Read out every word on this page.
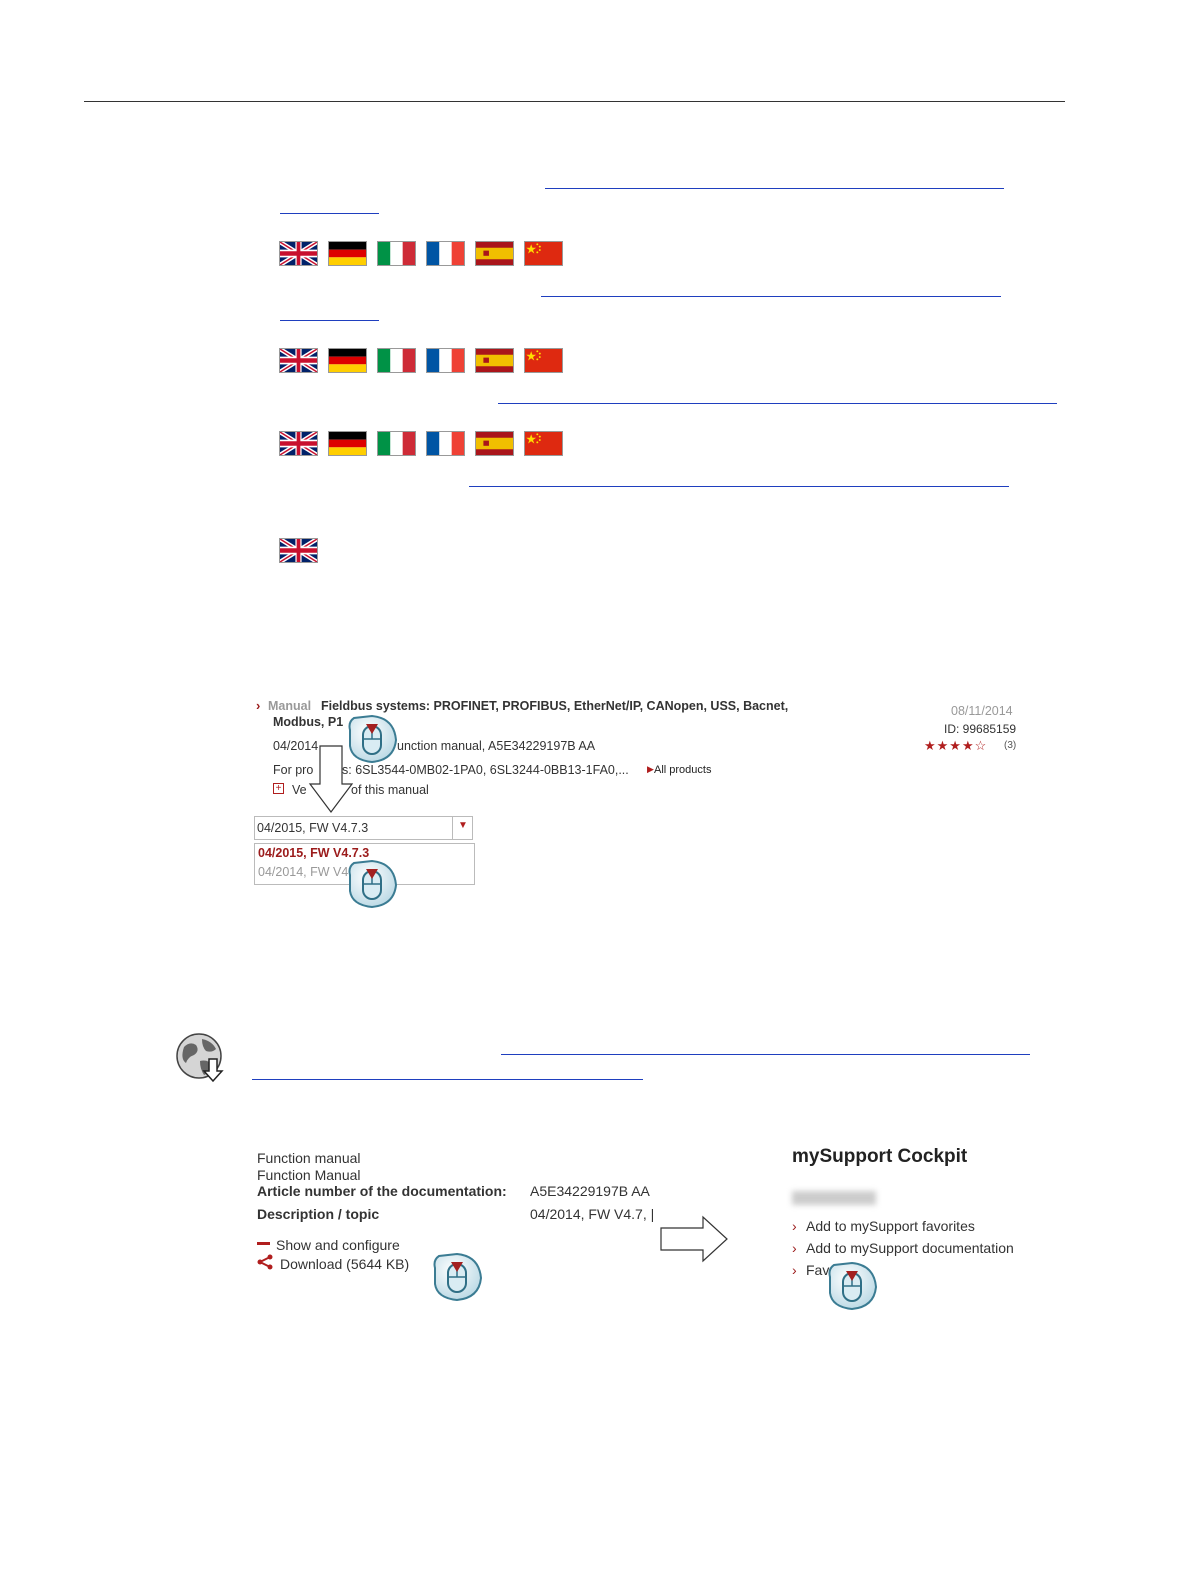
› Manual Fieldbus systems: PROFINET, PROFIBUS, EtherNet/IP, CANopen, USS, Bacnet,
Modbus, P1
08/11/2014
ID: 99685159
★★★★☆ (3)
04/2014	unction manual, A5E34229197B AA
For pro s: 6SL3544-0MB02-1PA0, 6SL3244-0BB13-1FA0,... ▶ All products
+ Ve	of this manual
04/2015, FW V4.7.3	▼
04/2015, FW V4.7.3
04/2014, FW V4
Function manual
Function Manual
Article number of the documentation: A5E34229197B AA
Description / topic	04/2014, FW V4.7, |
Show and configure
Download (5644 KB)
mySupport Cockpit
› Add to mySupport favorites
› Add to mySupport documentation
› Fav
